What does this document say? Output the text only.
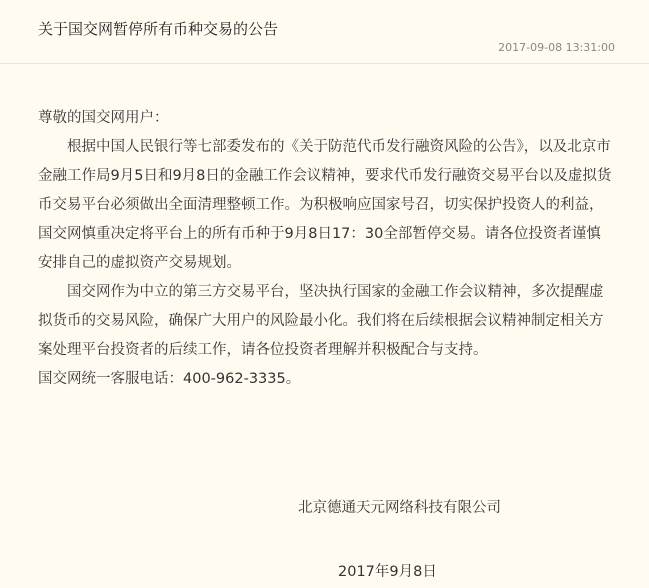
关于国交网暂停所有币种交易的公告
2017-09-08 13:31:00

尊敬的国交网用户：

根据中国人民银行等七部委发布的《关于防范代币发行融资风险的公告》，以及北京市金融工作局9月5日和9月8日的金融工作会议精神，要求代币发行融资交易平台以及虚拟货币交易平台必须做出全面清理整顿工作。为积极响应国家号召，切实保护投资人的利益，国交网慎重决定将平台上的所有币种于9月8日17：30全部暂停交易。请各位投资者谨慎安排自己的虚拟资产交易规划。

国交网作为中立的第三方交易平台，坚决执行国家的金融工作会议精神，多次提醒虚拟货币的交易风险，确保广大用户的风险最小化。我们将在后续根据会议精神制定相关方案处理平台投资者的后续工作，请各位投资者理解并积极配合与支持。

国交网统一客服电话：400-962-3335。

北京德通天元网络科技有限公司
2017年9月8日
